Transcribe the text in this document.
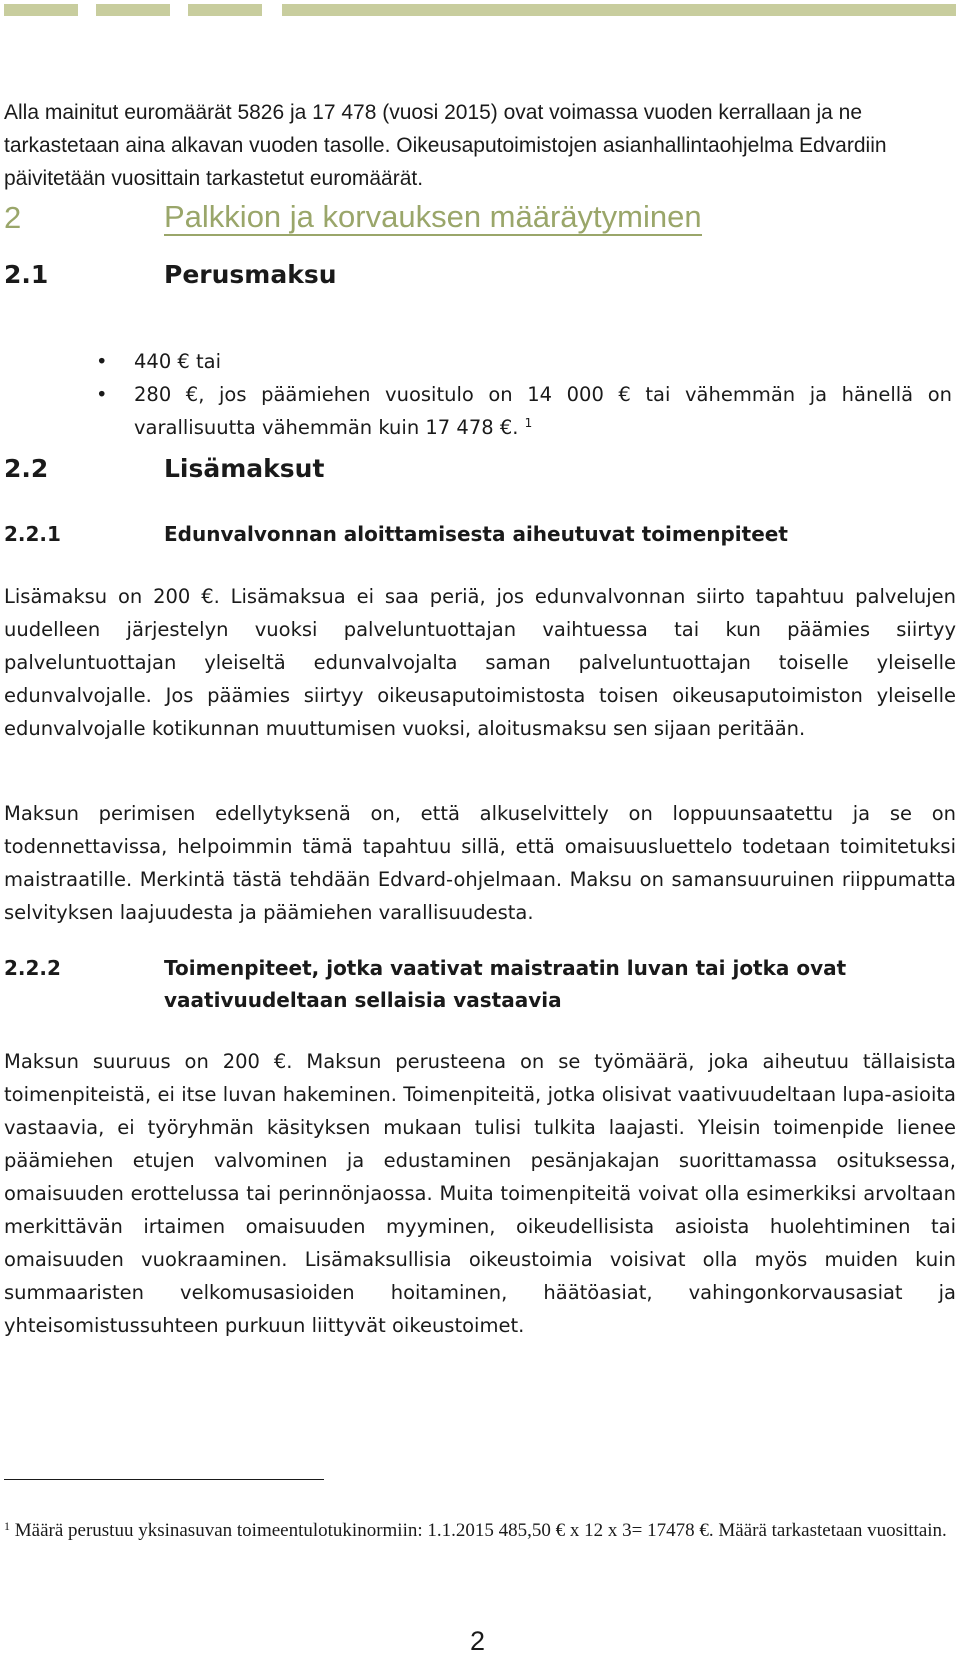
Alla mainitut euromäärät 5826 ja 17 478 (vuosi 2015) ovat voimassa vuoden kerrallaan ja ne tarkastetaan aina alkavan vuoden tasolle. Oikeusaputoimistojen asianhallintaohjelma Edvardiin päivitetään vuosittain tarkastetut euromäärät.

2	Palkkion ja korvauksen määräytyminen
2.1	Perusmaksu
• 440 € tai
• 280 €, jos päämiehen vuositulo on 14 000 € tai vähemmän ja hänellä on varallisuutta vähemmän kuin 17 478 €. $^1$
2.2	Lisämaksut
2.2.1	Edunvalvonnan aloittamisesta aiheutuvat toimenpiteet

Lisämaksu on 200 €. Lisämaksua ei saa periä, jos edunvalvonnan siirto tapahtuu palvelujen uudelleen järjestelyn vuoksi palveluntuottajan vaihtuessa tai kun päämies siirtyy palveluntuottajan yleiseltä edunvalvojalta saman palveluntuottajan toiselle yleiselle edunvalvojalle. Jos päämies siirtyy oikeusaputoimistosta toisen oikeusaputoimiston yleiselle edunvalvojalle kotikunnan muuttumisen vuoksi, aloitusmaksu sen sijaan peritään.

Maksun perimisen edellytyksenä on, että alkuselvittely on loppuunsaatettu ja se on todennettavissa, helpoimmin tämä tapahtuu sillä, että omaisuusluettelo todetaan toimitetuksi maistraatille. Merkintä tästä tehdään Edvard-ohjelmaan. Maksu on samansuuruinen riippumatta selvityksen laajuudesta ja päämiehen varallisuudesta.

2.2.2	Toimenpiteet, jotka vaativat maistraatin luvan tai jotka ovat vaativuudeltaan sellaisia vastaavia

Maksun suuruus on 200 €. Maksun perusteena on se työmäärä, joka aiheutuu tällaisista toimenpiteistä, ei itse luvan hakeminen. Toimenpiteitä, jotka olisivat vaativuudeltaan lupa-asioita vastaavia, ei työryhmän käsityksen mukaan tulisi tulkita laajasti. Yleisin toimenpide lienee päämiehen etujen valvominen ja edustaminen pesänjakajan suorittamassa osituksessa, omaisuuden erottelussa tai perinnönjaossa. Muita toimenpiteitä voivat olla esimerkiksi arvoltaan merkittävän irtaimen omaisuuden myyminen, oikeudellisista asioista huolehtiminen tai omaisuuden vuokraaminen. Lisämaksullisia oikeustoimia voisivat olla myös muiden kuin summaaristen velkomusasioiden hoitaminen, häätöasiat, vahingonkorvausasiat ja yhteisomistussuhteen purkuun liittyvät oikeustoimet.

$^1$ Määrä perustuu yksinasuvan toimeentulotukinormiin: 1.1.2015 485,50 € x 12 x 3= 17478 €. Määrä tarkastetaan vuosittain.
2
